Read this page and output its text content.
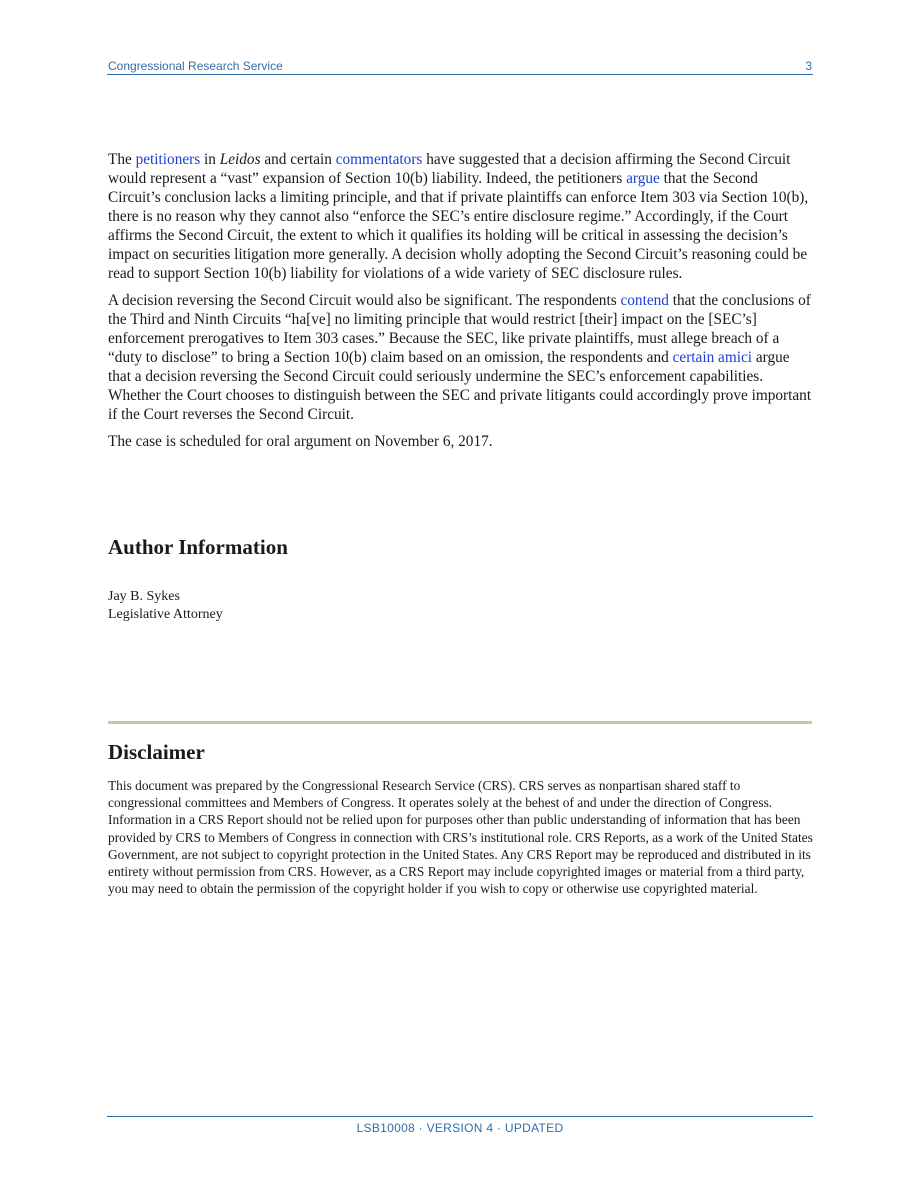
Congressional Research Service	3

The petitioners in Leidos and certain commentators have suggested that a decision affirming the Second Circuit would represent a “vast” expansion of Section 10(b) liability. Indeed, the petitioners argue that the Second Circuit’s conclusion lacks a limiting principle, and that if private plaintiffs can enforce Item 303 via Section 10(b), there is no reason why they cannot also “enforce the SEC’s entire disclosure regime.” Accordingly, if the Court affirms the Second Circuit, the extent to which it qualifies its holding will be critical in assessing the decision’s impact on securities litigation more generally. A decision wholly adopting the Second Circuit’s reasoning could be read to support Section 10(b) liability for violations of a wide variety of SEC disclosure rules.

A decision reversing the Second Circuit would also be significant. The respondents contend that the conclusions of the Third and Ninth Circuits “ha[ve] no limiting principle that would restrict [their] impact on the [SEC’s] enforcement prerogatives to Item 303 cases.” Because the SEC, like private plaintiffs, must allege breach of a “duty to disclose” to bring a Section 10(b) claim based on an omission, the respondents and certain amici argue that a decision reversing the Second Circuit could seriously undermine the SEC’s enforcement capabilities. Whether the Court chooses to distinguish between the SEC and private litigants could accordingly prove important if the Court reverses the Second Circuit.

The case is scheduled for oral argument on November 6, 2017.

Author Information
Jay B. Sykes
Legislative Attorney
Disclaimer
This document was prepared by the Congressional Research Service (CRS). CRS serves as nonpartisan shared staff to congressional committees and Members of Congress. It operates solely at the behest of and under the direction of Congress. Information in a CRS Report should not be relied upon for purposes other than public understanding of information that has been provided by CRS to Members of Congress in connection with CRS’s institutional role. CRS Reports, as a work of the United States Government, are not subject to copyright protection in the United States. Any CRS Report may be reproduced and distributed in its entirety without permission from CRS. However, as a CRS Report may include copyrighted images or material from a third party, you may need to obtain the permission of the copyright holder if you wish to copy or otherwise use copyrighted material.
LSB10008 · VERSION 4 · UPDATED
